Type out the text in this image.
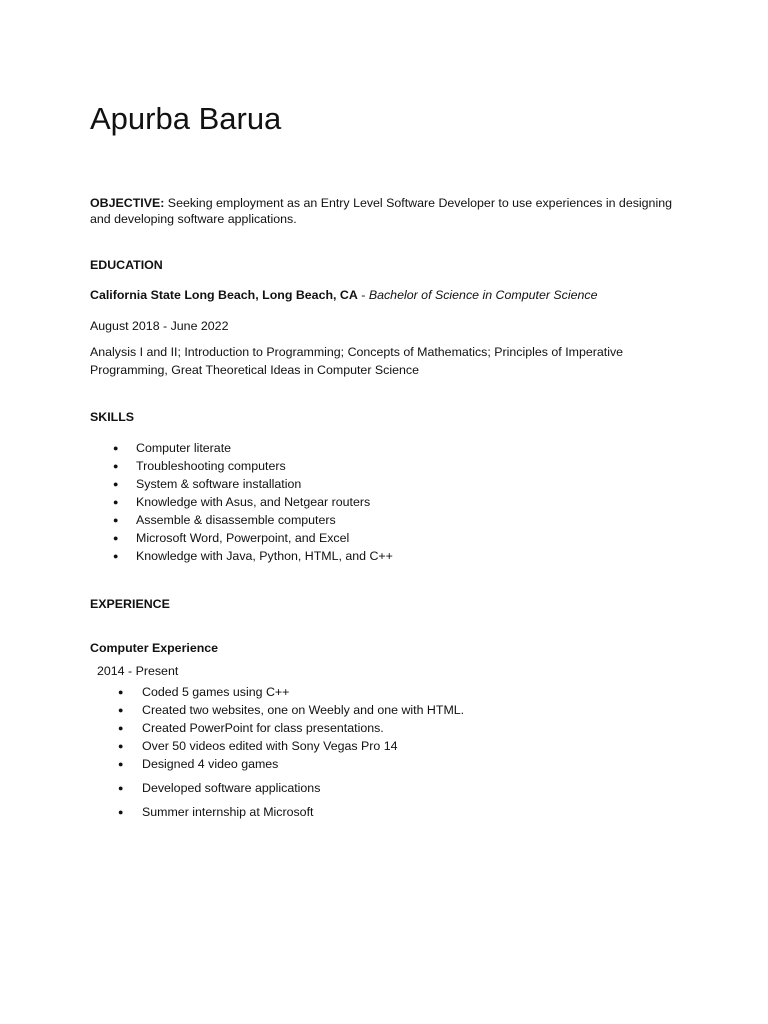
Apurba Barua

OBJECTIVE: Seeking employment as an Entry Level Software Developer to use experiences in designing and developing software applications.

EDUCATION

California State Long Beach, Long Beach, CA - Bachelor of Science in Computer Science

August 2018 - June 2022

Analysis I and II; Introduction to Programming; Concepts of Mathematics; Principles of Imperative Programming, Great Theoretical Ideas in Computer Science

SKILLS
● Computer literate
● Troubleshooting computers
● System & software installation
● Knowledge with Asus, and Netgear routers
● Assemble & disassemble computers
● Microsoft Word, Powerpoint, and Excel
● Knowledge with Java, Python, HTML, and C++
EXPERIENCE
Computer Experience

2014 - Present

● Coded 5 games using C++
● Created two websites, one on Weebly and one with HTML.
● Created PowerPoint for class presentations.
● Over 50 videos edited with Sony Vegas Pro 14
● Designed 4 video games
● Developed software applications
● Summer internship at Microsoft
